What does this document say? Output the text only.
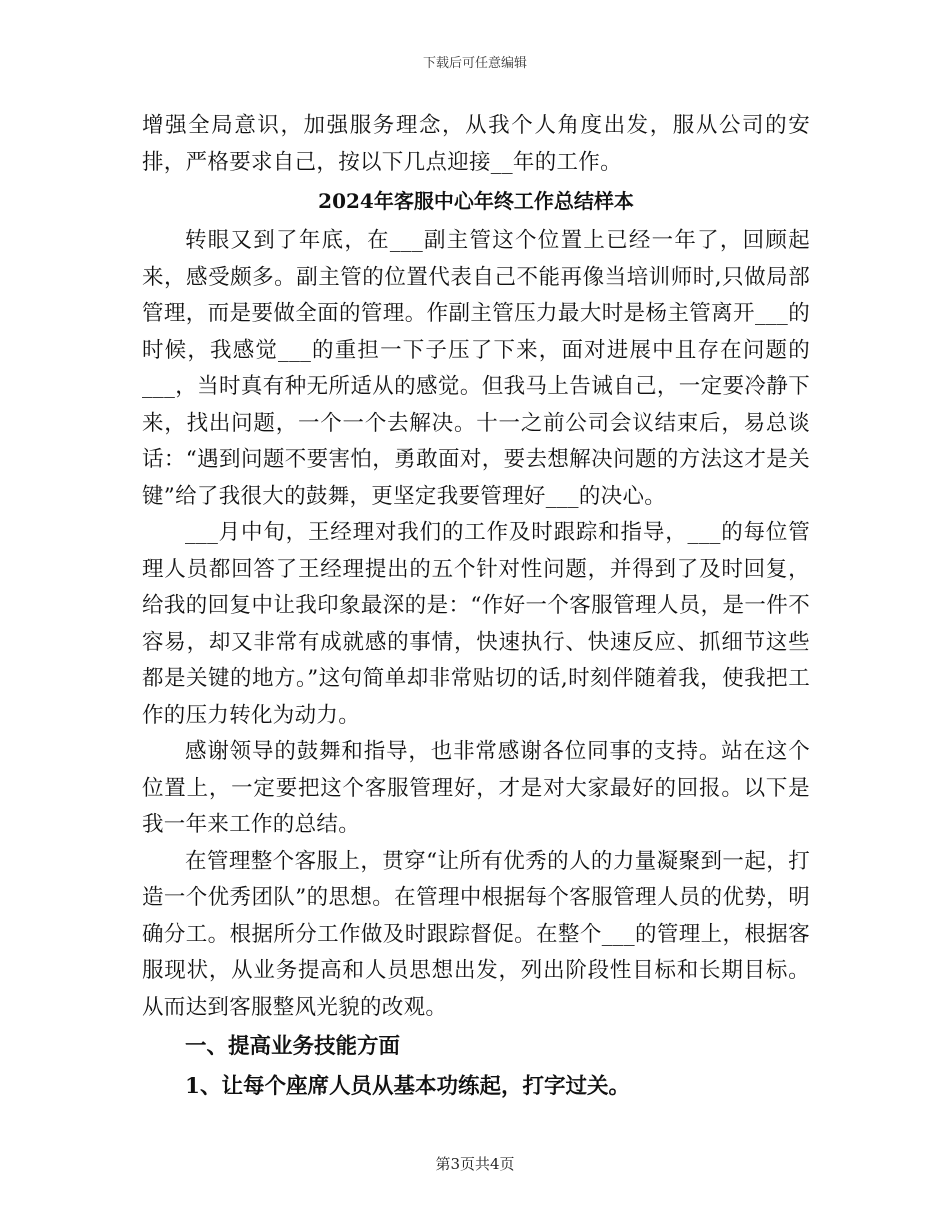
下载后可任意编辑

增强全局意识，加强服务理念，从我个人角度出发，服从公司的安排，严格要求自己，按以下几点迎接__年的工作。

2024年客服中心年终工作总结样本

转眼又到了年底，在___副主管这个位置上已经一年了，回顾起来，感受颇多。副主管的位置代表自己不能再像当培训师时,只做局部管理，而是要做全面的管理。作副主管压力最大时是杨主管离开___的时候，我感觉___的重担一下子压了下来，面对进展中且存在问题的___，当时真有种无所适从的感觉。但我马上告诫自己，一定要冷静下来，找出问题，一个一个去解决。十一之前公司会议结束后，易总谈话：“遇到问题不要害怕，勇敢面对，要去想解决问题的方法这才是关键”给了我很大的鼓舞，更坚定我要管理好___的决心。

___月中旬，王经理对我们的工作及时跟踪和指导，___的每位管理人员都回答了王经理提出的五个针对性问题，并得到了及时回复，给我的回复中让我印象最深的是：“作好一个客服管理人员，是一件不容易，却又非常有成就感的事情，快速执行、快速反应、抓细节这些都是关键的地方。”这句简单却非常贴切的话,时刻伴随着我，使我把工作的压力转化为动力。

感谢领导的鼓舞和指导，也非常感谢各位同事的支持。站在这个位置上，一定要把这个客服管理好，才是对大家最好的回报。以下是我一年来工作的总结。

在管理整个客服上，贯穿“让所有优秀的人的力量凝聚到一起，打造一个优秀团队”的思想。在管理中根据每个客服管理人员的优势，明确分工。根据所分工作做及时跟踪督促。在整个___的管理上，根据客服现状，从业务提高和人员思想出发，列出阶段性目标和长期目标。从而达到客服整风光貌的改观。

一、提高业务技能方面

1、让每个座席人员从基本功练起，打字过关。

第3页共4页
